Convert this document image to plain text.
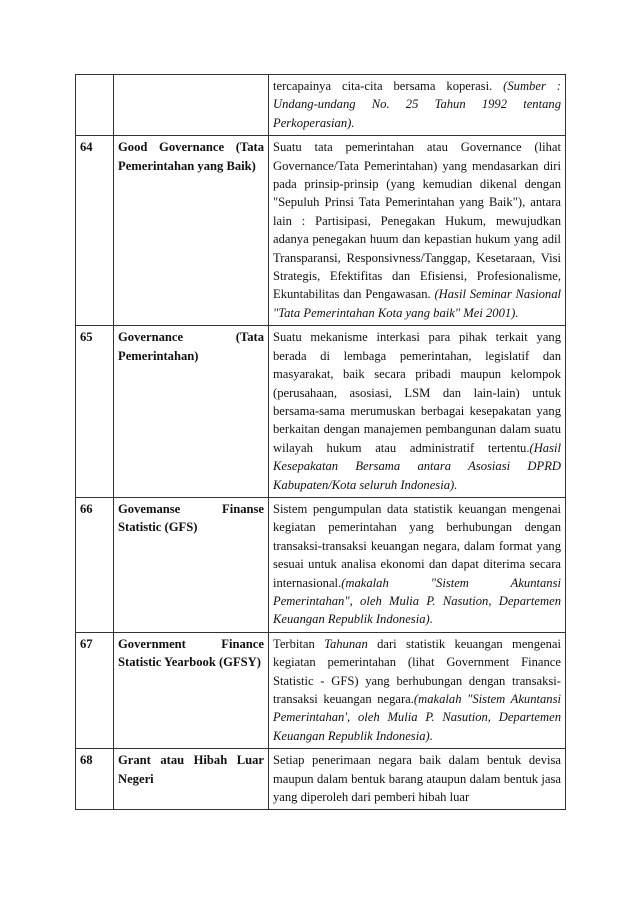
		tercapainya cita-cita bersama koperasi. (Sumber : Undang-undang No. 25 Tahun 1992 tentang Perkoperasian).
64	Good Governance (Tata Pemerintahan yang Baik)	Suatu tata pemerintahan atau Governance (lihat Governance/Tata Pemerintahan) yang mendasarkan diri pada prinsip-prinsip (yang kemudian dikenal dengan "Sepuluh Prinsi Tata Pemerintahan yang Baik"), antara lain : Partisipasi, Penegakan Hukum, mewujudkan adanya penegakan huum dan kepastian hukum yang adil Transparansi, Responsivness/Tanggap, Kesetaraan, Visi Strategis, Efektifitas dan Efisiensi, Profesionalisme, Ekuntabilitas dan Pengawasan. (Hasil Seminar Nasional "Tata Pemerintahan Kota yang baik" Mei 2001).
65	Governance (Tata Pemerintahan)	Suatu mekanisme interkasi para pihak terkait yang berada di lembaga pemerintahan, legislatif dan masyarakat, baik secara pribadi maupun kelompok (perusahaan, asosiasi, LSM dan lain-lain) untuk bersama-sama merumuskan berbagai kesepakatan yang berkaitan dengan manajemen pembangunan dalam suatu wilayah hukum atau administratif tertentu.(Hasil Kesepakatan Bersama antara Asosiasi DPRD Kabupaten/Kota seluruh Indonesia).
66	Govemanse Finanse Statistic (GFS)	Sistem pengumpulan data statistik keuangan mengenai kegiatan pemerintahan yang berhubungan dengan transaksi-transaksi keuangan negara, dalam format yang sesuai untuk analisa ekonomi dan dapat diterima secara internasional.(makalah "Sistem Akuntansi Pemerintahan", oleh Mulia P. Nasution, Departemen Keuangan Republik Indonesia).
67	Government Finance Statistic Yearbook (GFSY)	Terbitan Tahunan dari statistik keuangan mengenai kegiatan pemerintahan (lihat Government Finance Statistic - GFS) yang berhubungan dengan transaksi-transaksi keuangan negara.(makalah "Sistem Akuntansi Pemerintahan', oleh Mulia P. Nasution, Departemen Keuangan Republik Indonesia).
68	Grant atau Hibah Luar Negeri	Setiap penerimaan negara baik dalam bentuk devisa maupun dalam bentuk barang ataupun dalam bentuk jasa yang diperoleh dari pemberi hibah luar
